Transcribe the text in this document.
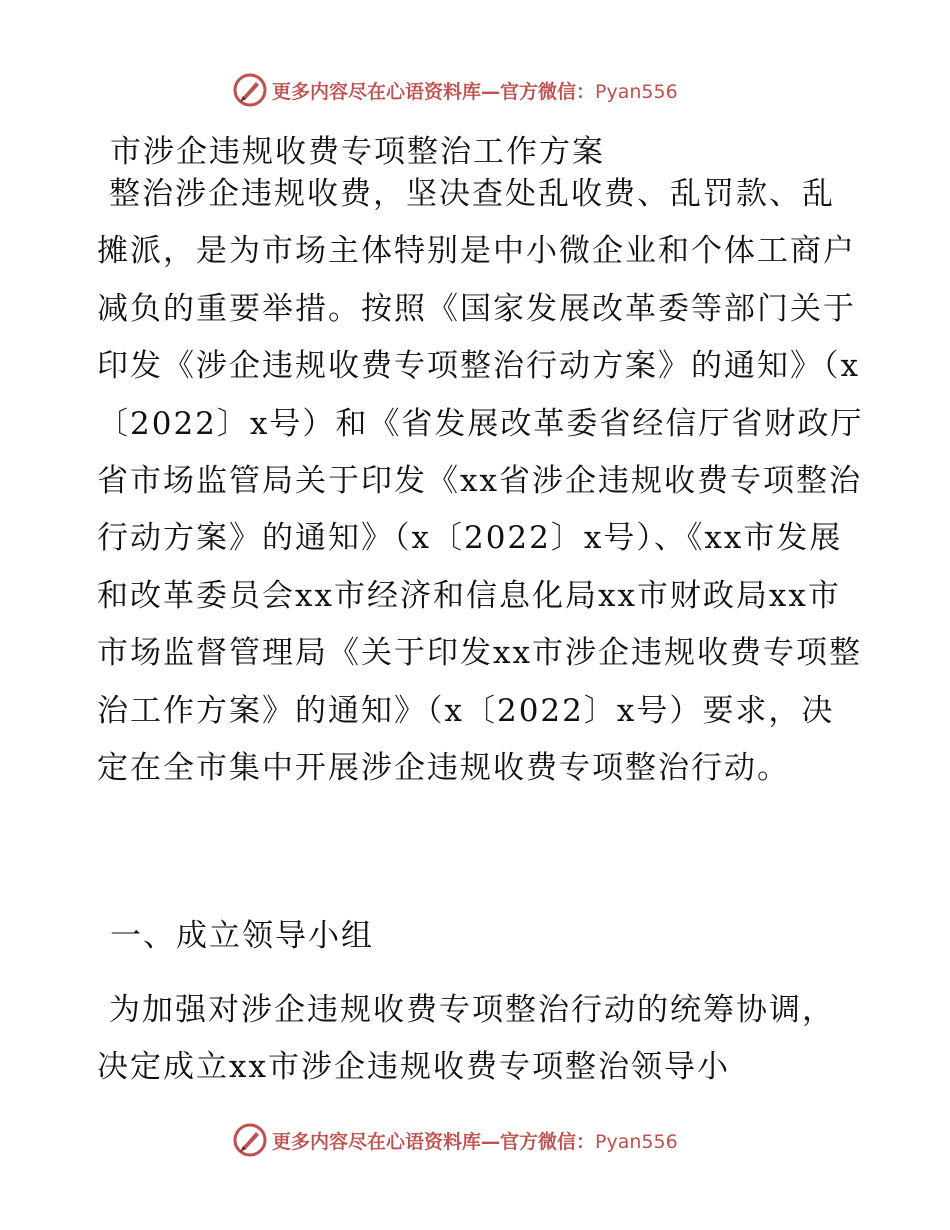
更多内容尽在心语资料库—官方微信：Pyan556
市涉企违规收费专项整治工作方案

整治涉企违规收费，坚决查处乱收费、乱罚款、乱摊派，是为市场主体特别是中小微企业和个体工商户减负的重要举措。按照《国家发展改革委等部门关于印发《涉企违规收费专项整治行动方案》的通知》（x〔2022〕x号）和《省发展改革委省经信厅省财政厅省市场监管局关于印发《xx省涉企违规收费专项整治行动方案》的通知》（x〔2022〕x号）、《xx市发展和改革委员会xx市经济和信息化局xx市财政局xx市市场监督管理局《关于印发xx市涉企违规收费专项整治工作方案》的通知》（x〔2022〕x号）要求，决定在全市集中开展涉企违规收费专项整治行动。

一、成立领导小组

为加强对涉企违规收费专项整治行动的统筹协调，决定成立xx市涉企违规收费专项整治领导小

更多内容尽在心语资料库—官方微信：Pyan556
